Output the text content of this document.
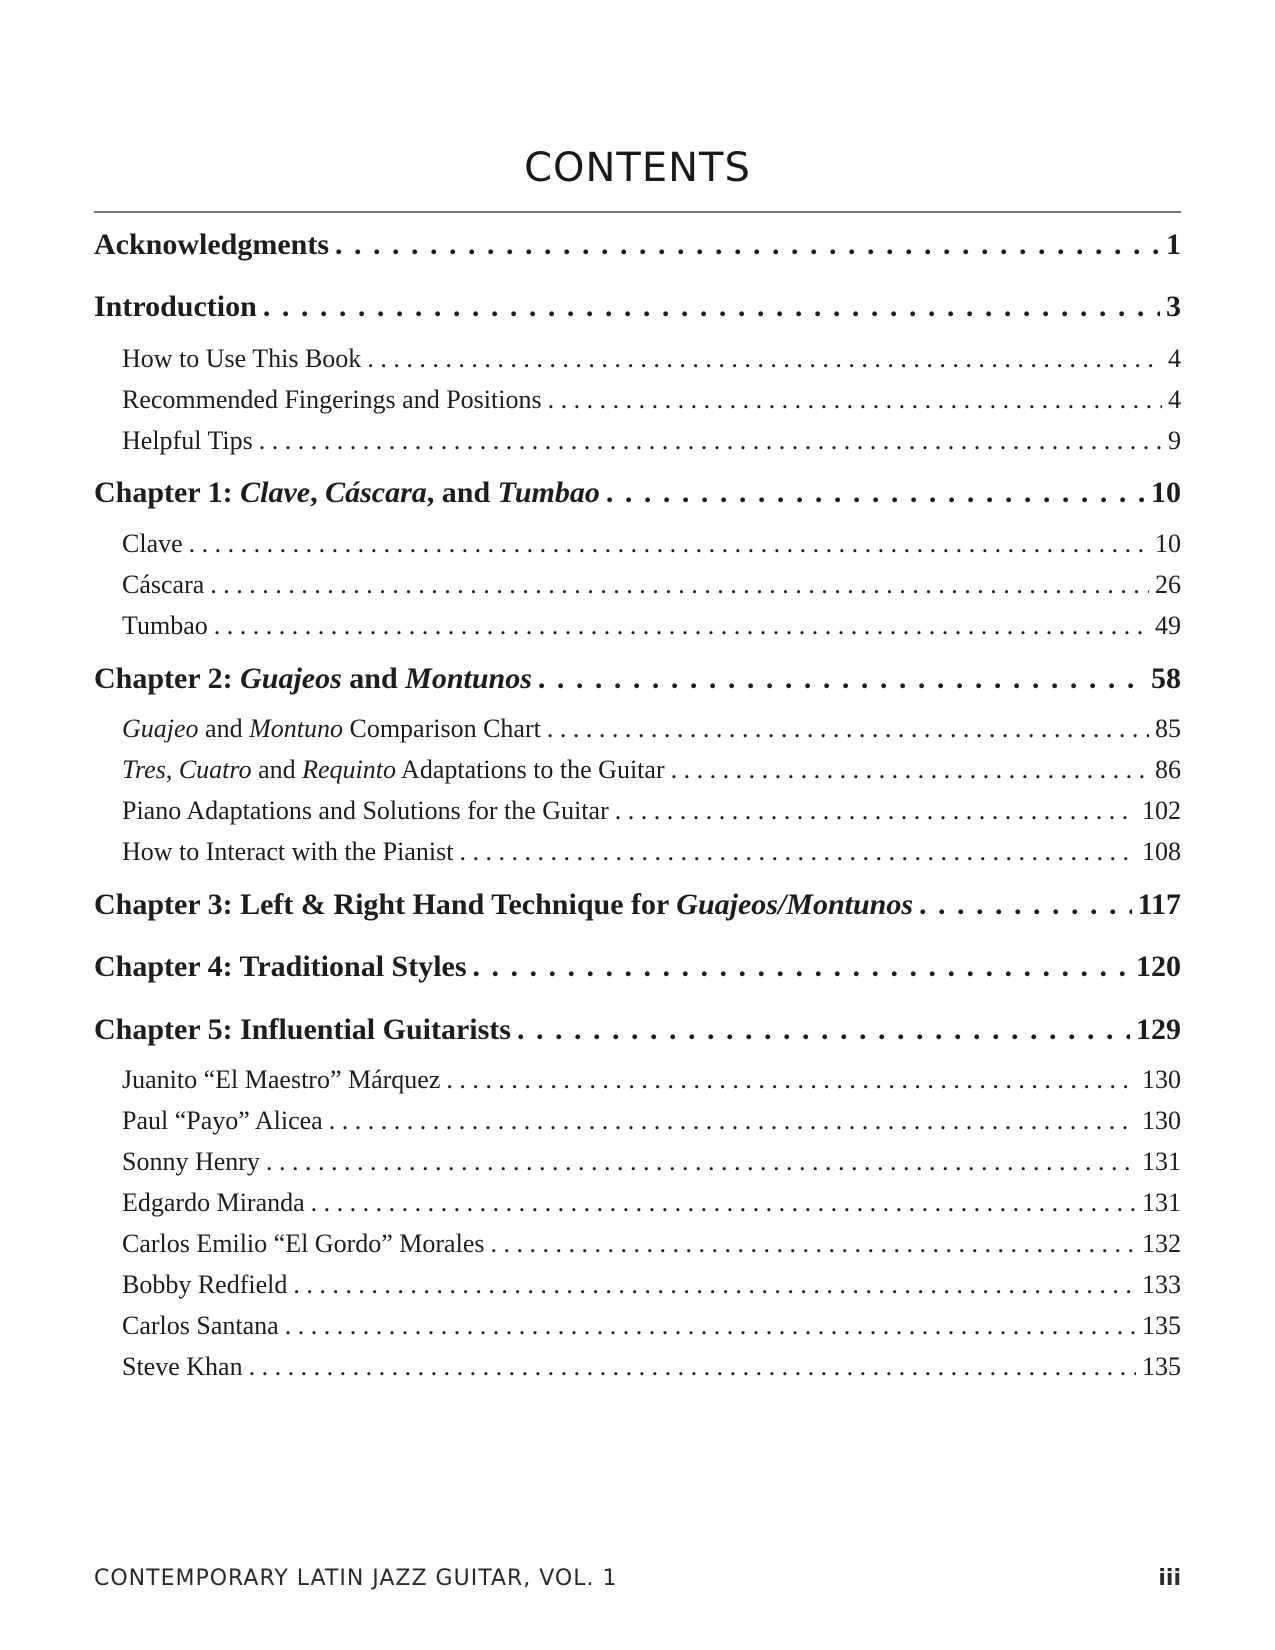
CONTENTS
Acknowledgments . . .	1
Introduction . . .	3
How to Use This Book . . .	4
Recommended Fingerings and Positions . . .	4
Helpful Tips . . .	9
Chapter 1: Clave, Cáscara, and Tumbao . . .	10
Clave . . .	10
Cáscara . . .	26
Tumbao . . .	49
Chapter 2: Guajeos and Montunos . . .	58
Guajeo and Montuno Comparison Chart . . .	85
Tres, Cuatro and Requinto Adaptations to the Guitar . . .	86
Piano Adaptations and Solutions for the Guitar . . .	102
How to Interact with the Pianist . . .	108
Chapter 3: Left & Right Hand Technique for Guajeos/Montunos . . .	117
Chapter 4: Traditional Styles . . .	120
Chapter 5: Influential Guitarists . . .	129
Juanito “El Maestro” Márquez . . .	130
Paul “Payo” Alicea . . .	130
Sonny Henry . . .	131
Edgardo Miranda . . .	131
Carlos Emilio “El Gordo” Morales . . .	132
Bobby Redfield . . .	133
Carlos Santana . . .	135
Steve Khan . . .	135
CONTEMPORARY LATIN JAZZ GUITAR, VOL. 1	iii
